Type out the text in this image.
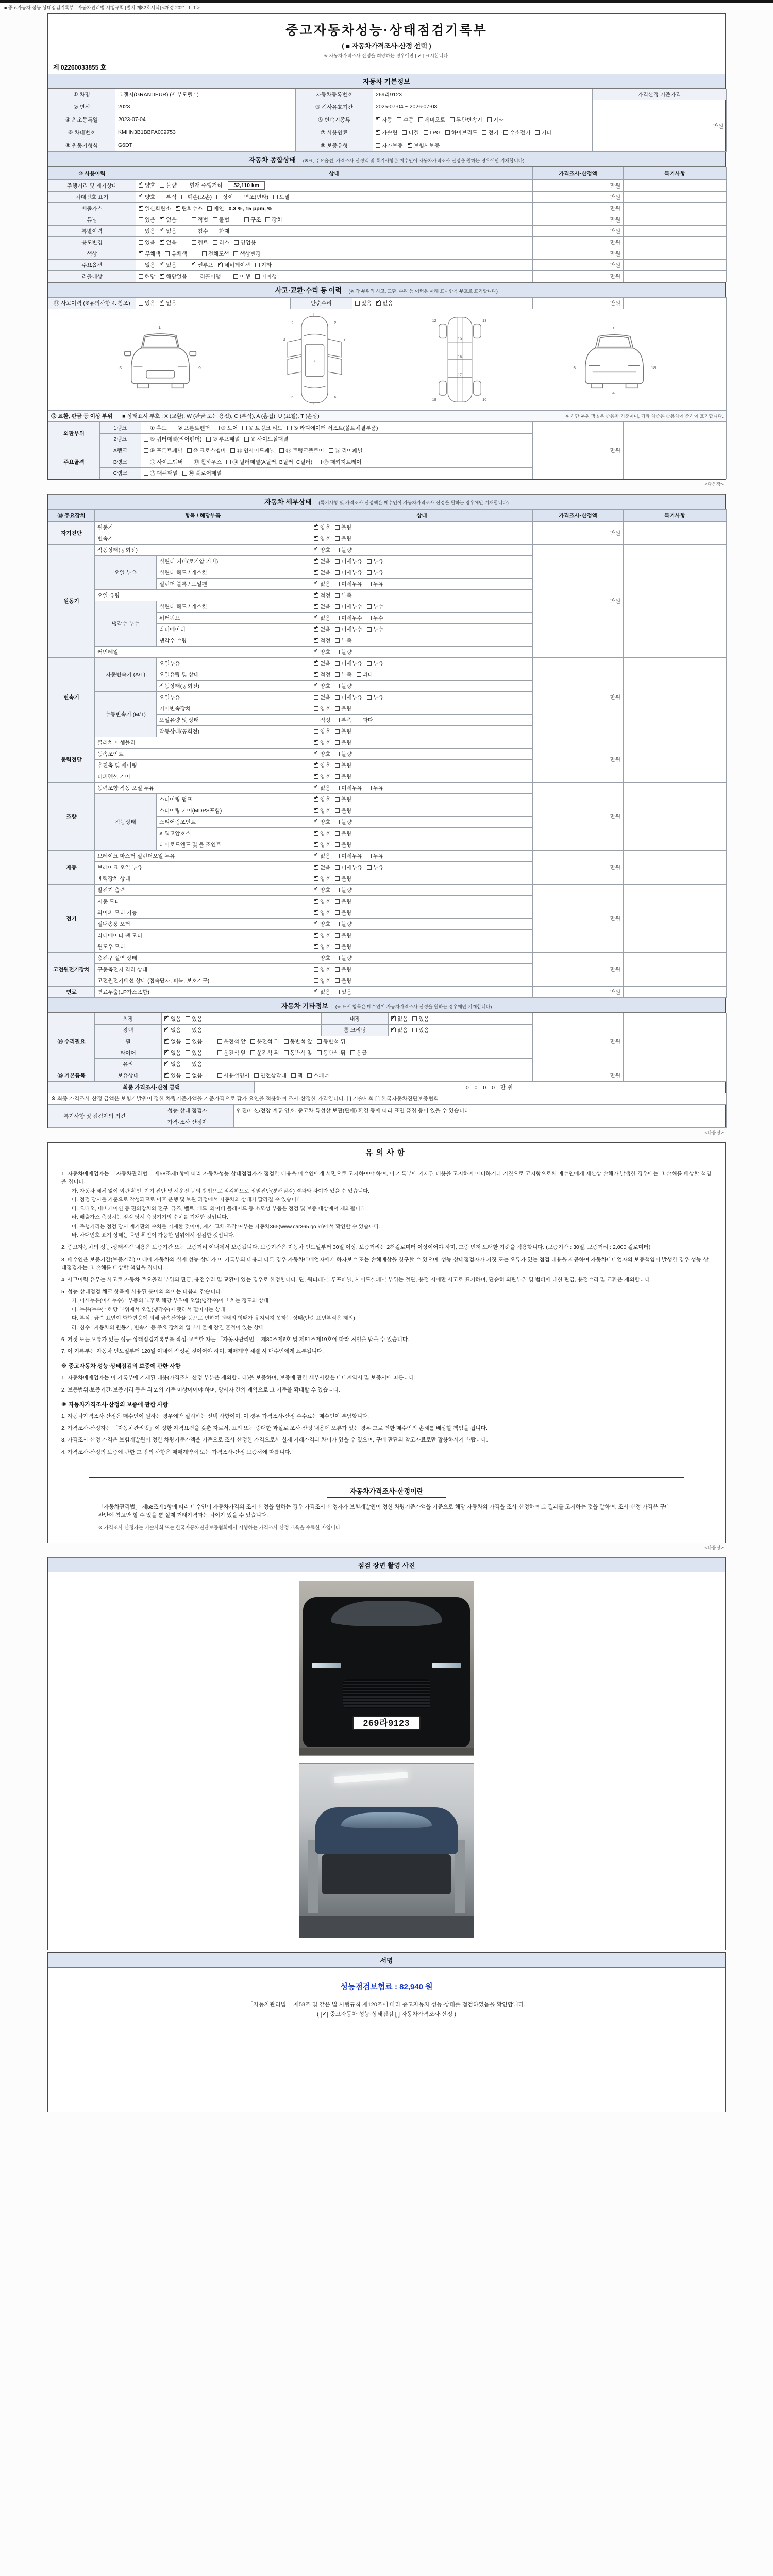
■ 중고자동차 성능·상태점검기록부 : 자동차관리법 시행규칙 [별지 제82호서식] <개정 2021. 1. 1.>
중고자동차성능·상태점검기록부
( ■ 자동차가격조사·산정 선택 )
※ 자동차가격조사·산정을 희망하는 경우에만 [ ✔ ] 표시합니다.
제 02260033855 호
자동차 기본정보
① 차명	그랜저(GRANDEUR) (세부모델 : )	자동차등록번호	269라9123	가격산정 기준가격
② 연식	2023	③ 검사유효기간	2025-07-04 ~ 2026-07-03	만원
④ 최초등록일	2023-07-04	⑤ 변속기종류	✔자동 수동 세미오토 무단변속기 기타
⑥ 차대번호	KMHN3B1BBPA009753	⑦ 사용연료	✔가솔린 디젤 LPG 하이브리드 전기 수소전기 기타
⑧ 원동기형식	G6DT	⑨ 보증유형	자가보증 ✔ 보험사보증
자동차 종합상태 (※표, 주요옵션, 가격조사·산정액 및 특기사항은 매수인이 자동차가격조사·산정을 원하는 경우에만 기재합니다)
⑩ 사용이력	상태	가격조사·산정액	특기사항
주행거리 및 계기상태	✔양호 불량 현재 주행거리 52,110 km	만원	
차대번호 표기	✔양호 부식 훼손(오손) 상이 변조(변타) 도말	만원	
배출가스	✔일산화탄소 ✔ 탄화수소 매연 0.3 %, 15 ppm, %	만원	
튜닝	있음 ✔ 없음 적법 불법 구조 장치	만원	
특별이력	있음 ✔ 없음 침수 화재	만원	
용도변경	있음 ✔ 없음 렌트 리스 영업용	만원	
색상	✔무채색 유채색 전체도색 색상변경	만원	
주요옵션	없음 ✔ 있음 ✔ 썬루프 ✔ 네비게이션 기타	만원	
리콜대상	해당 ✔ 해당없음 리콜이행 이행 미이행	만원	
사고·교환·수리 등 이력 (※ 각 부위의 사고, 교환, 수리 등 이력은 아래 표시항목 부호로 표기합니다)
⑪ 사고이력 (※유의사항 4. 참조)	있음 ✔ 없음	단순수리	있음 ✔ 없음	만원	

1
5	9
1
3	3
7
2	2
6	6
4
12	13
15
16
17
18	10
7
4
6	18

⑫ 교환, 판금 등 이상 부위 ■ 상태표시 부호 : X (교환), W (판금 또는 용접), C (부식), A (흠집), U (요철), T (손상)	※ 하단 부위 명칭은 승용차 기준이며, 기타 차종은 승용차에 준하여 표기합니다.
외판부위	1랭크	① 후드 ② 프론트펜더 ③ 도어 ④ 트렁크 리드 ⑤ 라디에이터 서포트(볼트체결부품)	만원	
	2랭크	⑥ 쿼터패널(리어펜더) ⑦ 루프패널 ⑧ 사이드실패널		
주요골격	A랭크	⑨ 프론트패널 ⑩ 크로스멤버 ⑪ 인사이드패널 ⑰ 트렁크플로어 ⑱ 리어패널		
	B랭크	⑫ 사이드멤버 ⑬ 휠하우스 ⑭ 필러패널(A필러, B필러, C필러) ⑲ 패키지트레이		
	C랭크	⑮ 대쉬패널 ⑯ 플로어패널		
<다음장>
자동차 세부상태 (특기사항 및 가격조사·산정액은 매수인이 자동차가격조사·산정을 원하는 경우에만 기재합니다)
⑬ 주요장치	항목 / 해당부품		상태	가격조사·산정액	특기사항
자기진단	원동기	✔양호 불량	만원	
	변속기	✔양호 불량
원동기	작동상태(공회전)	✔양호 불량	만원	
	오일 누유	실린더 커버(로커암 커버)	✔없음 미세누유 누유
		실린더 헤드 / 개스킷	✔없음 미세누유 누유
		실린더 블록 / 오일팬	✔없음 미세누유 누유
	오일 유량	✔적정 부족
	냉각수 누수	실린더 헤드 / 개스킷	✔없음 미세누수 누수
		워터펌프	✔없음 미세누수 누수
		라디에이터	✔없음 미세누수 누수
		냉각수 수량	✔적정 부족
	커먼레일	✔양호 불량
변속기	자동변속기 (A/T)	오일누유	✔없음 미세누유 누유	만원	
		오일유량 및 상태	✔적정 부족 과다
		작동상태(공회전)	✔양호 불량
	수동변속기 (M/T)	오일누유	없음 미세누유 누유		
		기어변속장치	양호 불량		
		오일유량 및 상태	적정 부족 과다		
		작동상태(공회전)	양호 불량		
동력전달	클러치 어셈블리	✔양호 불량	만원	
	등속조인트	✔양호 불량
	추진축 및 베어링	✔양호 불량
	디퍼렌셜 기어	✔양호 불량
조향	동력조향 작동 오일 누유	✔없음 미세누유 누유	만원	
	작동상태	스티어링 펌프	✔양호 불량
		스티어링 기어(MDPS포함)	✔양호 불량
		스티어링조인트	✔양호 불량
		파워고압호스	✔양호 불량
		타이로드엔드 및 볼 조인트	✔양호 불량
제동	브레이크 마스터 실린더오일 누유	✔없음 미세누유 누유	만원	
	브레이크 오일 누유	✔없음 미세누유 누유
	배력장치 상태	✔양호 불량
전기	발전기 출력	✔양호 불량	만원	
	시동 모터	✔양호 불량
	와이퍼 모터 기능	✔양호 불량
	실내송풍 모터	✔양호 불량
	라디에이터 팬 모터	✔양호 불량
	윈도우 모터	✔양호 불량
고전원전기장치	충전구 절연 상태		양호 불량	만원	
	구동축전지 격리 상태		양호 불량		
	고전원전기배선 상태 (접속단자, 피복, 보호기구)		양호 불량		
연료	연료누출(LP가스포함)	✔없음 있음	만원	
자동차 기타정보 (※ 표시 항목은 매수인이 자동차가격조사·산정을 원하는 경우에만 기재합니다)
⑭ 수리필요	외장	✔없음 있음	내장	✔없음 있음	만원	
	광택	✔없음 있음	룸 크리닝	✔없음 있음
	휠	✔없음 있음 운전석 앞 운전석 뒤 동반석 앞 동반석 뒤
	타이어	✔없음 있음 운전석 앞 운전석 뒤 동반석 앞 동반석 뒤 응급
	유리	✔없음 있음
⑮ 기본품목	보유상태	✔있음 없음 사용설명서 안전삼각대 잭 스패너			만원	
최종 가격조사·산정 금액	0 0 0 0 만원
※ 최종 가격조사·산정 금액은 보험개발원이 정한 차량기준가액을 기준가격으로 감가 요인을 적용하여 조사·산정한 가격입니다. [ ] 기술사회 [ ] 한국자동차진단보증협회
특기사항 및 점검자의 의견	성능·상태 점검자	엔진/미션/전장 계통 양호. 중고차 특성상 보관(판매) 환경 등에 따라 표면 흠집 등이 있을 수 있습니다.
	가격·조사 산정자	
<다음장>
유의사항
1. 자동차매매업자는 「자동차관리법」 제58조제1항에 따라 자동차성능·상태점검자가 점검한 내용을 매수인에게 서면으로 고지하여야 하며, 이 기록부에 기재된 내용을 고지하지 아니하거나 거짓으로 고지함으로써 매수인에게 재산상 손해가 발생한 경우에는 그 손해를 배상할 책임을 집니다.
가. 자동차 해체 없이 외관 확인, 기기 진단 및 시운전 등의 방법으로 점검하므로 정밀진단(분해점검) 결과와 차이가 있을 수 있습니다.
나. 점검 당시를 기준으로 작성되므로 이후 운행 및 보관 과정에서 자동차의 상태가 달라질 수 있습니다.
다. 오디오, 내비게이션 등 편의장치와 전구, 퓨즈, 벨트, 패드, 와이퍼 블레이드 등 소모성 부품은 점검 및 보증 대상에서 제외됩니다.
라. 배출가스 측정치는 점검 당시 측정기기의 수치를 기재한 것입니다.
마. 주행거리는 점검 당시 계기판의 수치를 기재한 것이며, 계기 교체·조작 여부는 자동차365(www.car365.go.kr)에서 확인할 수 있습니다.
바. 차대번호 표기 상태는 육안 확인이 가능한 범위에서 점검한 것입니다.
2. 중고자동차의 성능·상태점검 내용은 보증기간 또는 보증거리 이내에서 보증됩니다. 보증기간은 자동차 인도일부터 30일 이상, 보증거리는 2천킬로미터 이상이어야 하며, 그중 먼저 도래한 기준을 적용합니다. (보증기간 : 30일, 보증거리 : 2,000 킬로미터)
3. 매수인은 보증기간(보증거리) 이내에 자동차의 실제 성능·상태가 이 기록부의 내용과 다른 경우 자동차매매업자에게 하자보수 또는 손해배상을 청구할 수 있으며, 성능·상태점검자가 거짓 또는 오류가 있는 점검 내용을 제공하여 자동차매매업자의 보증책임이 발생한 경우 성능·상태점검자는 그 손해를 배상할 책임을 집니다.
4. 사고이력 유무는 사고로 자동차 주요골격 부위의 판금, 용접수리 및 교환이 있는 경우로 한정합니다. 단, 쿼터패널, 루프패널, 사이드실패널 부위는 절단, 용접 시에만 사고로 표기하며, 단순히 외판부위 및 범퍼에 대한 판금, 용접수리 및 교환은 제외합니다.
5. 성능·상태점검 체크 항목에 사용된 용어의 의미는 다음과 같습니다.
가. 미세누유(미세누수) : 부품의 노후로 해당 부위에 오일(냉각수)이 비치는 정도의 상태
나. 누유(누수) : 해당 부위에서 오일(냉각수)이 맺혀서 떨어지는 상태
다. 부식 : 금속 표면이 화학반응에 의해 금속산화물 등으로 변하여 원래의 형태가 유지되지 못하는 상태(단순 표면부식은 제외)
라. 침수 : 자동차의 원동기, 변속기 등 주요 장치의 일부가 물에 잠긴 흔적이 있는 상태
6. 거짓 또는 오류가 있는 성능·상태점검기록부를 작성·교부한 자는 「자동차관리법」 제80조제6호 및 제81조제19호에 따라 처벌을 받을 수 있습니다.
7. 이 기록부는 자동차 인도일부터 120일 이내에 작성된 것이어야 하며, 매매계약 체결 시 매수인에게 교부됩니다.
※ 중고자동차 성능·상태점검의 보증에 관한 사항
1. 자동차매매업자는 이 기록부에 기재된 내용(가격조사·산정 부분은 제외합니다)을 보증하며, 보증에 관한 세부사항은 매매계약서 및 보증서에 따릅니다.
2. 보증범위·보증기간·보증거리 등은 위 2.의 기준 이상이어야 하며, 당사자 간의 계약으로 그 기준을 확대할 수 있습니다.
※ 자동차가격조사·산정의 보증에 관한 사항
1. 자동차가격조사·산정은 매수인이 원하는 경우에만 실시하는 선택 사항이며, 이 경우 가격조사·산정 수수료는 매수인이 부담합니다.
2. 가격조사·산정자는 「자동차관리법」이 정한 자격요건을 갖춘 자로서, 고의 또는 중대한 과실로 조사·산정 내용에 오류가 있는 경우 그로 인한 매수인의 손해를 배상할 책임을 집니다.
3. 가격조사·산정 가격은 보험개발원이 정한 차량기준가액을 기준으로 조사·산정한 가격으로서 실제 거래가격과 차이가 있을 수 있으며, 구매 판단의 참고자료로만 활용하시기 바랍니다.
4. 가격조사·산정의 보증에 관한 그 밖의 사항은 매매계약서 또는 가격조사·산정 보증서에 따릅니다.
자동차가격조사·산정이란
「자동차관리법」 제58조제1항에 따라 매수인이 자동차가격의 조사·산정을 원하는 경우 가격조사·산정자가 보험개발원이 정한 차량기준가액을 기준으로 해당 자동차의 가격을 조사·산정하여 그 결과를 고지하는 것을 말하며, 조사·산정 가격은 구매 판단에 참고만 할 수 있을 뿐 실제 거래가격과는 차이가 있을 수 있습니다.
※ 가격조사·산정자는 기술사회 또는 한국자동차진단보증협회에서 시행하는 가격조사·산정 교육을 수료한 자입니다.
<다음장>
점검 장면 촬영 사진
269라9123
서명
성능점검보험료 : 82,940 원
「자동차관리법」 제58조 및 같은 법 시행규칙 제120조에 따라 중고자동차 성능·상태를 점검하였음을 확인합니다.
( [✔] 중고자동차 성능·상태점검 [ ] 자동차가격조사·산정 )
